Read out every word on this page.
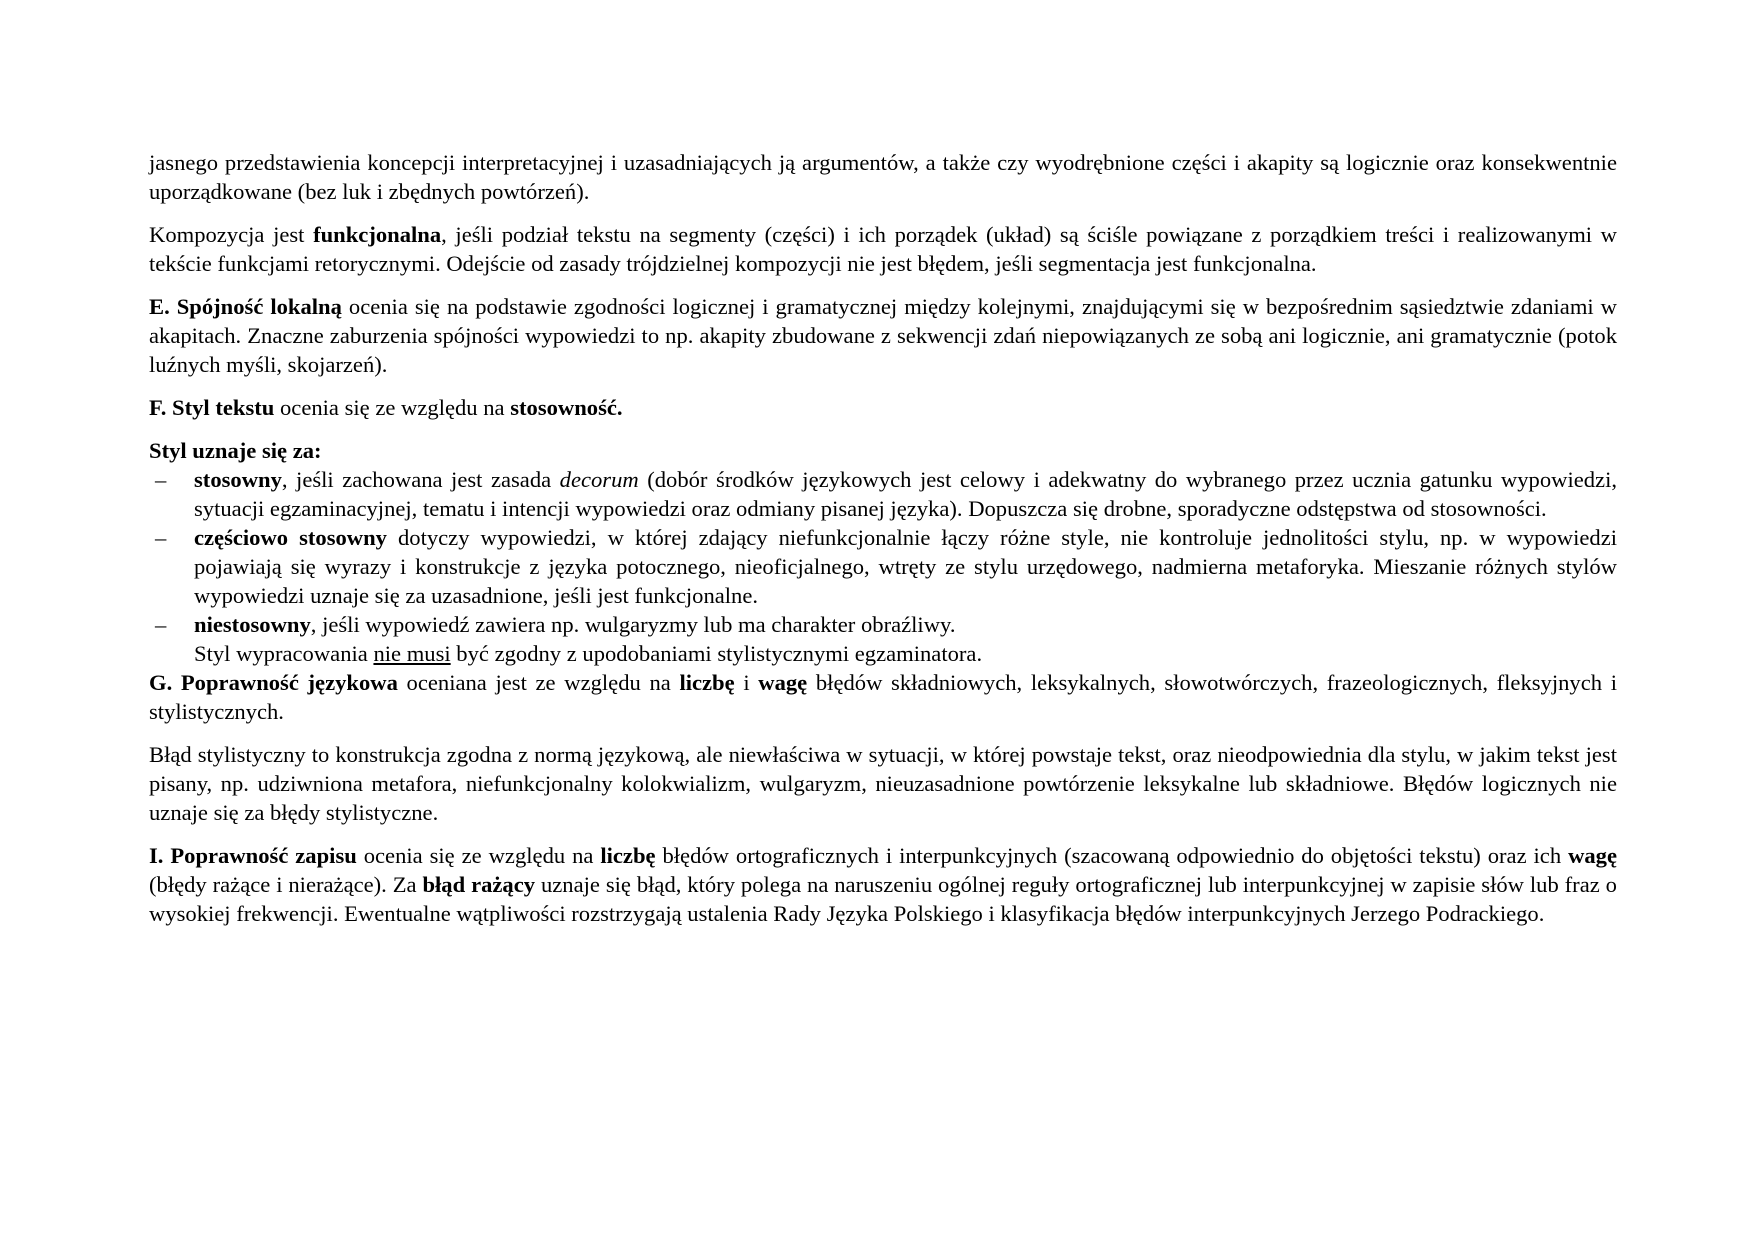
jasnego przedstawienia koncepcji interpretacyjnej i uzasadniających ją argumentów, a także czy wyodrębnione części i akapity są logicznie oraz konsekwentnie uporządkowane (bez luk i zbędnych powtórzeń).

Kompozycja jest funkcjonalna, jeśli podział tekstu na segmenty (części) i ich porządek (układ) są ściśle powiązane z porządkiem treści i realizowanymi w tekście funkcjami retorycznymi. Odejście od zasady trójdzielnej kompozycji nie jest błędem, jeśli segmentacja jest funkcjonalna.

E. Spójność lokalną ocenia się na podstawie zgodności logicznej i gramatycznej między kolejnymi, znajdującymi się w bezpośrednim sąsiedztwie zdaniami w akapitach. Znaczne zaburzenia spójności wypowiedzi to np. akapity zbudowane z sekwencji zdań niepowiązanych ze sobą ani logicznie, ani gramatycznie (potok luźnych myśli, skojarzeń).

F. Styl tekstu ocenia się ze względu na stosowność.

Styl uznaje się za:

– stosowny, jeśli zachowana jest zasada decorum (dobór środków językowych jest celowy i adekwatny do wybranego przez ucznia gatunku wypowiedzi, sytuacji egzaminacyjnej, tematu i intencji wypowiedzi oraz odmiany pisanej języka). Dopuszcza się drobne, sporadyczne odstępstwa od stosowności.
– częściowo stosowny dotyczy wypowiedzi, w której zdający niefunkcjonalnie łączy różne style, nie kontroluje jednolitości stylu, np. w wypowiedzi pojawiają się wyrazy i konstrukcje z języka potocznego, nieoficjalnego, wtręty ze stylu urzędowego, nadmierna metaforyka. Mieszanie różnych stylów wypowiedzi uznaje się za uzasadnione, jeśli jest funkcjonalne.
– niestosowny, jeśli wypowiedź zawiera np. wulgaryzmy lub ma charakter obraźliwy.

Styl wypracowania nie musi być zgodny z upodobaniami stylistycznymi egzaminatora.

G. Poprawność językowa oceniana jest ze względu na liczbę i wagę błędów składniowych, leksykalnych, słowotwórczych, frazeologicznych, fleksyjnych i stylistycznych.

Błąd stylistyczny to konstrukcja zgodna z normą językową, ale niewłaściwa w sytuacji, w której powstaje tekst, oraz nieodpowiednia dla stylu, w jakim tekst jest pisany, np. udziwniona metafora, niefunkcjonalny kolokwializm, wulgaryzm, nieuzasadnione powtórzenie leksykalne lub składniowe. Błędów logicznych nie uznaje się za błędy stylistyczne.

I. Poprawność zapisu ocenia się ze względu na liczbę błędów ortograficznych i interpunkcyjnych (szacowaną odpowiednio do objętości tekstu) oraz ich wagę (błędy rażące i nierażące). Za błąd rażący uznaje się błąd, który polega na naruszeniu ogólnej reguły ortograficznej lub interpunkcyjnej w zapisie słów lub fraz o wysokiej frekwencji. Ewentualne wątpliwości rozstrzygają ustalenia Rady Języka Polskiego i klasyfikacja błędów interpunkcyjnych Jerzego Podrackiego.
